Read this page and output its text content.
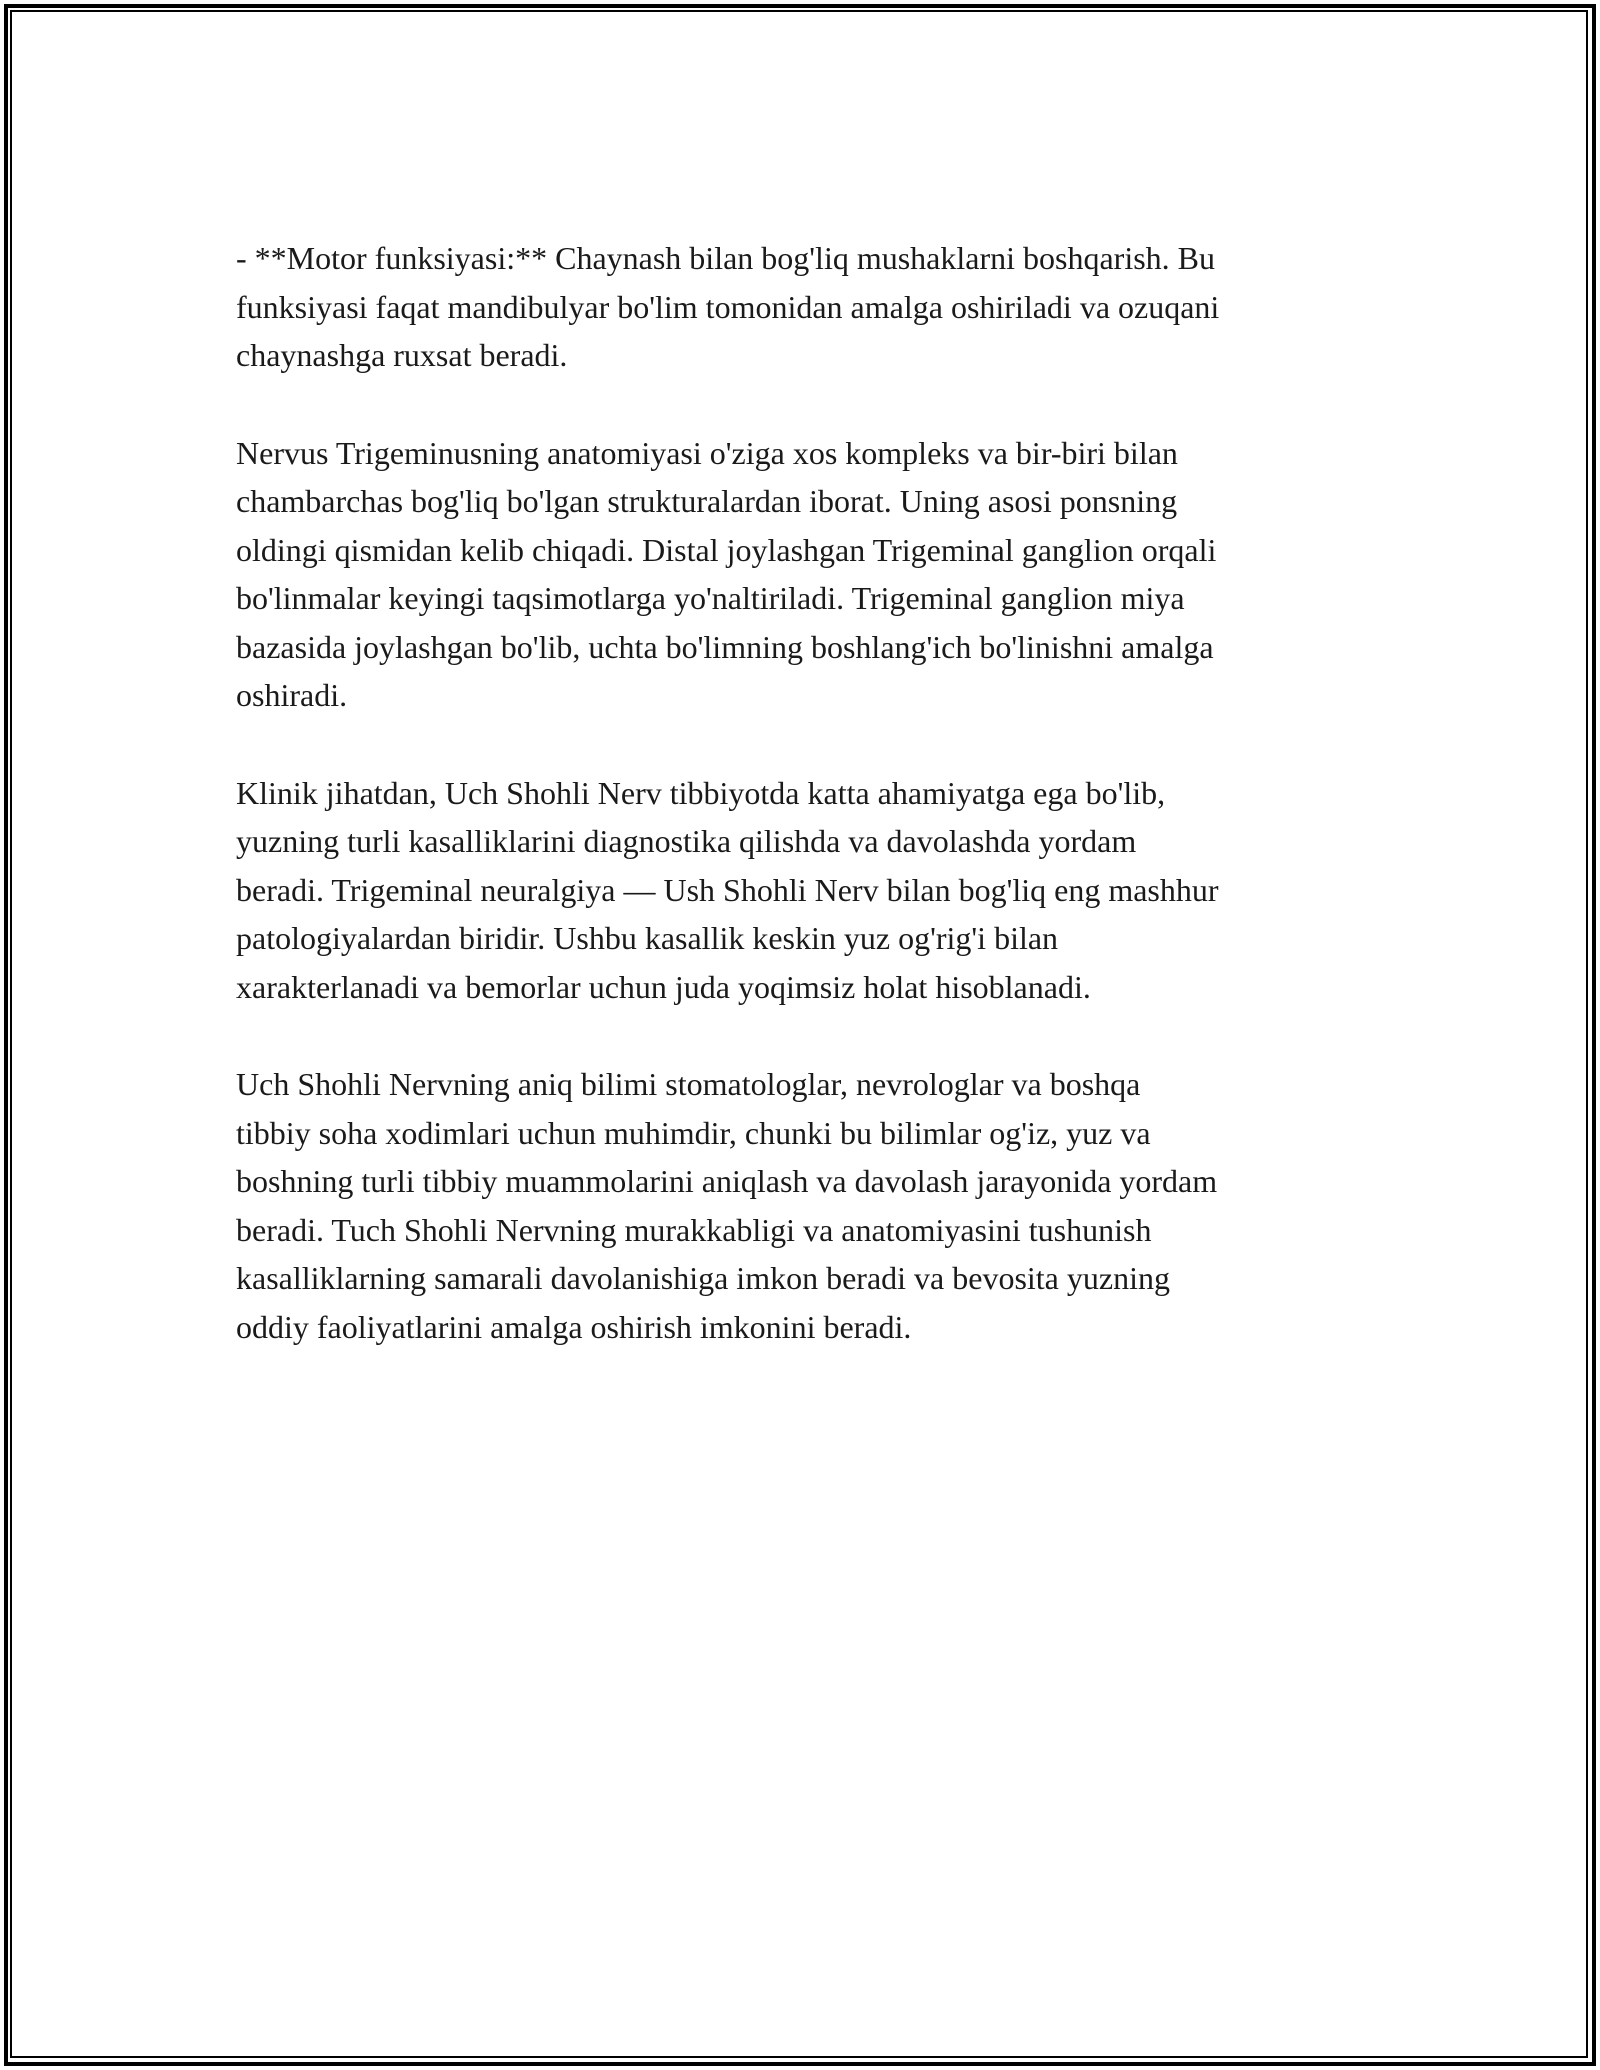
- **Motor funksiyasi:** Chaynash bilan bog'liq mushaklarni boshqarish. Bu
funksiyasi faqat mandibulyar bo'lim tomonidan amalga oshiriladi va ozuqani
chaynashga ruxsat beradi.

Nervus Trigeminusning anatomiyasi o'ziga xos kompleks va bir-biri bilan
chambarchas bog'liq bo'lgan strukturalardan iborat. Uning asosi ponsning
oldingi qismidan kelib chiqadi. Distal joylashgan Trigeminal ganglion orqali
bo'linmalar keyingi taqsimotlarga yo'naltiriladi. Trigeminal ganglion miya
bazasida joylashgan bo'lib, uchta bo'limning boshlang'ich bo'linishni amalga
oshiradi.

Klinik jihatdan, Uch Shohli Nerv tibbiyotda katta ahamiyatga ega bo'lib,
yuzning turli kasalliklarini diagnostika qilishda va davolashda yordam
beradi. Trigeminal neuralgiya — Ush Shohli Nerv bilan bog'liq eng mashhur
patologiyalardan biridir. Ushbu kasallik keskin yuz og'rig'i bilan
xarakterlanadi va bemorlar uchun juda yoqimsiz holat hisoblanadi.

Uch Shohli Nervning aniq bilimi stomatologlar, nevrologlar va boshqa
tibbiy soha xodimlari uchun muhimdir, chunki bu bilimlar og'iz, yuz va
boshning turli tibbiy muammolarini aniqlash va davolash jarayonida yordam
beradi. Tuch Shohli Nervning murakkabligi va anatomiyasini tushunish
kasalliklarning samarali davolanishiga imkon beradi va bevosita yuzning
oddiy faoliyatlarini amalga oshirish imkonini beradi.
